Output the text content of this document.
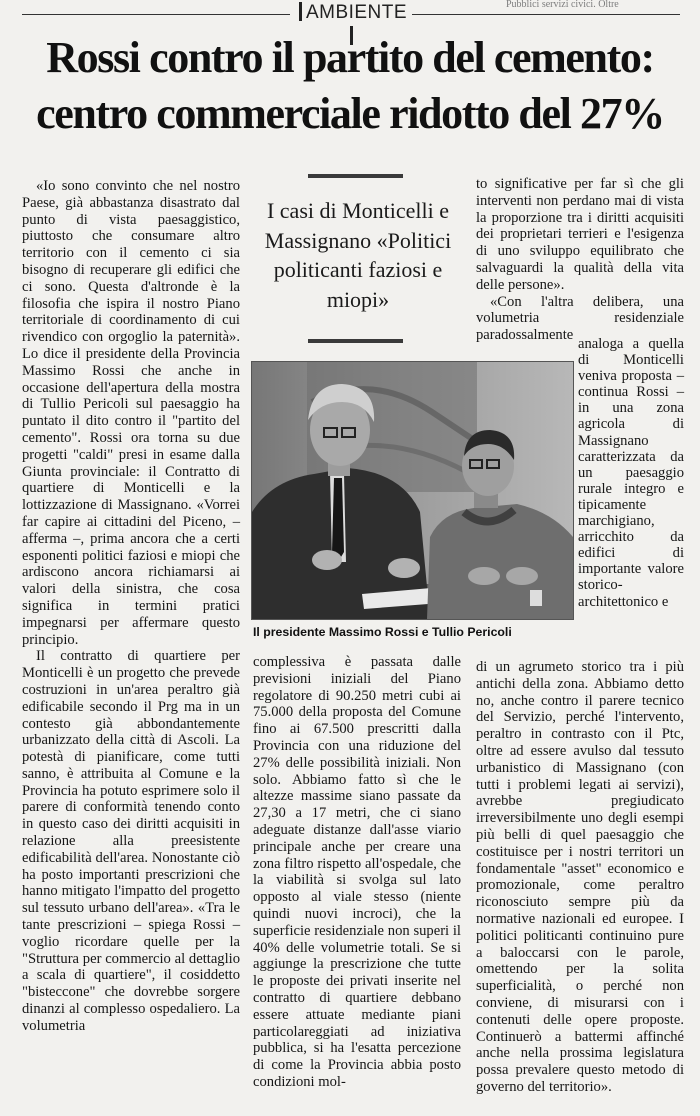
Pubblici servizi civici. Oltre
AMBIENTE
Rossi contro il partito del cemento: centro commerciale ridotto del 27%

«Io sono convinto che nel nostro Paese, già abbastanza disastrato dal punto di vista paesaggistico, piuttosto che consumare altro territorio con il cemento ci sia bisogno di recuperare gli edifici che ci sono. Questa d'altronde è la filosofia che ispira il nostro Piano territoriale di coordinamento di cui rivendico con orgoglio la paternità». Lo dice il presidente della Provincia Massimo Rossi che anche in occasione dell'apertura della mostra di Tullio Pericoli sul paesaggio ha puntato il dito contro il "partito del cemento". Rossi ora torna su due progetti "caldi" presi in esame dalla Giunta provinciale: il Contratto di quartiere di Monticelli e la lottizzazione di Massignano. «Vorrei far capire ai cittadini del Piceno, – afferma –, prima ancora che a certi esponenti politici faziosi e miopi che ardiscono ancora richiamarsi ai valori della sinistra, che cosa significa in termini pratici impegnarsi per affermare questo principio.

Il contratto di quartiere per Monticelli è un progetto che prevede costruzioni in un'area peraltro già edificabile secondo il Prg ma in un contesto già abbondantemente urbanizzato della città di Ascoli. La potestà di pianificare, come tutti sanno, è attribuita al Comune e la Provincia ha potuto esprimere solo il parere di conformità tenendo conto in questo caso dei diritti acquisiti in relazione alla preesistente edificabilità dell'area. Nonostante ciò ha posto importanti prescrizioni che hanno mitigato l'impatto del progetto sul tessuto urbano dell'area». «Tra le tante prescrizioni – spiega Rossi – voglio ricordare quelle per la "Struttura per commercio al dettaglio a scala di quartiere", il cosiddetto "bisteccone" che dovrebbe sorgere dinanzi al complesso ospedaliero. La volumetria

I casi di Monticelli e Massignano «Politici politicanti faziosi e miopi»
Il presidente Massimo Rossi e Tullio Pericoli

complessiva è passata dalle previsioni iniziali del Piano regolatore di 90.250 metri cubi ai 75.000 della proposta del Comune fino ai 67.500 prescritti dalla Provincia con una riduzione del 27% delle possibilità iniziali. Non solo. Abbiamo fatto sì che le altezze massime siano passate da 27,30 a 17 metri, che ci siano adeguate distanze dall'asse viario principale anche per creare una zona filtro rispetto all'ospedale, che la viabilità si svolga sul lato opposto al viale stesso (niente quindi nuovi incroci), che la superficie residenziale non superi il 40% delle volumetrie totali. Se si aggiunge la prescrizione che tutte le proposte dei privati inserite nel contratto di quartiere debbano essere attuate mediante piani particolareggiati ad iniziativa pubblica, si ha l'esatta percezione di come la Provincia abbia posto condizioni mol-

to significative per far sì che gli interventi non perdano mai di vista la proporzione tra i diritti acquisiti dei proprietari terrieri e l'esigenza di uno sviluppo equilibrato che salvaguardi la qualità della vita delle persone».

«Con l'altra delibera, una volumetria residenziale paradossalmente

analoga a quella di Monticelli veniva proposta – continua Rossi – in una zona agricola di Massignano caratterizzata da un paesaggio rurale integro e tipicamente marchigiano, arricchito da edifici di importante valore storico-architettonico e

di un agrumeto storico tra i più antichi della zona. Abbiamo detto no, anche contro il parere tecnico del Servizio, perché l'intervento, peraltro in contrasto con il Ptc, oltre ad essere avulso dal tessuto urbanistico di Massignano (con tutti i problemi legati ai servizi), avrebbe pregiudicato irreversibilmente uno degli esempi più belli di quel paesaggio che costituisce per i nostri territori un fondamentale "asset" economico e promozionale, come peraltro riconosciuto sempre più da normative nazionali ed europee. I politici politicanti continuino pure a baloccarsi con le parole, omettendo per la solita superficialità, o perché non conviene, di misurarsi con i contenuti delle opere proposte. Continuerò a battermi affinché anche nella prossima legislatura possa prevalere questo metodo di governo del territorio».
